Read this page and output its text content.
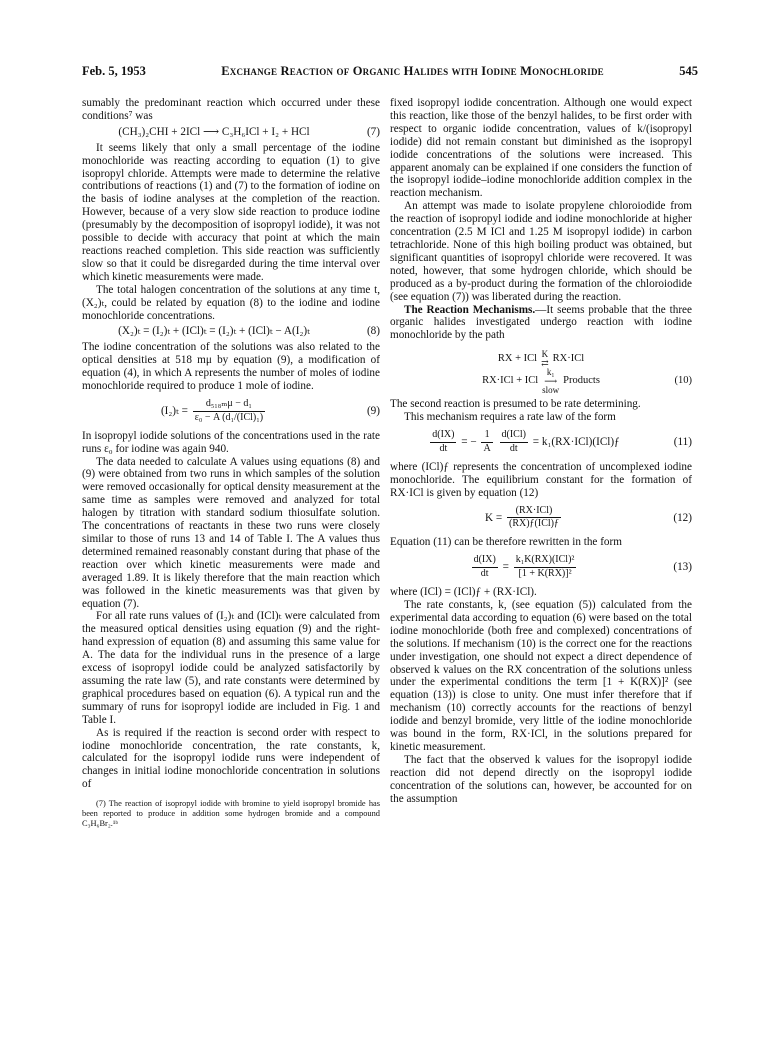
Feb. 5, 1953	Exchange Reaction of Organic Halides with Iodine Monochloride	545

sumably the predominant reaction which occurred under these conditions⁷ was

(CH₃)₂CHI + 2ICl ⟶ C₃H₆ICl + I₂ + HCl	(7)

It seems likely that only a small percentage of the iodine monochloride was reacting according to equation (1) to give isopropyl chloride. Attempts were made to determine the relative contributions of reactions (1) and (7) to the formation of iodine on the basis of iodine analyses at the completion of the reaction. However, because of a very slow side reaction to produce iodine (presumably by the decomposition of isopropyl iodide), it was not possible to decide with accuracy that point at which the main reactions reached completion. This side reaction was sufficiently slow so that it could be disregarded during the time interval over which kinetic measurements were made.

The total halogen concentration of the solutions at any time t, (X₂)ₜ, could be related by equation (8) to the iodine and iodine monochloride concentrations.

(X₂)ₜ = (I₂)ₜ + (ICl)ₜ = (I₂)ₜ + (ICl)ₜ − A(I₂)ₜ	(8)

The iodine concentration of the solutions was also related to the optical densities at 518 mμ by equation (9), a modification of equation (4), in which A represents the number of moles of iodine monochloride required to produce 1 mole of iodine.

$(I_2)_t = \frac{\text{d₅₁₈ₘμ − d₁}}{\text{ε₀ − A (d₁/(ICl)₁)}}$	(9)

In isopropyl iodide solutions of the concentrations used in the rate runs ε₀ for iodine was again 940.

The data needed to calculate A values using equations (8) and (9) were obtained from two runs in which samples of the solution were removed occasionally for optical density measurement at the same time as samples were removed and analyzed for total halogen by titration with standard sodium thiosulfate solution. The concentrations of reactants in these two runs were closely similar to those of runs 13 and 14 of Table I. The A values thus determined remained reasonably constant during that phase of the reaction over which kinetic measurements were made and averaged 1.89. It is likely therefore that the main reaction which was followed in the kinetic measurements was that given by equation (7).

For all rate runs values of (I₂)ₜ and (ICl)ₜ were calculated from the measured optical densities using equation (9) and the right-hand expression of equation (8) and assuming this same value for A. The data for the individual runs in the presence of a large excess of isopropyl iodide could be analyzed satisfactorily by assuming the rate law (5), and rate constants were determined by graphical procedures based on equation (6). A typical run and the summary of runs for isopropyl iodide are included in Fig. 1 and Table I.

As is required if the reaction is second order with respect to iodine monochloride concentration, the rate constants, k, calculated for the isopropyl iodide runs were independent of changes in initial iodine monochloride concentration in solutions of

(7) The reaction of isopropyl iodide with bromine to yield isopropyl bromide has been reported to produce in addition some hydrogen bromide and a compound C₃H₆Br₂.¹ᵇ

fixed isopropyl iodide concentration. Although one would expect this reaction, like those of the benzyl halides, to be first order with respect to organic iodide concentration, values of k/(isopropyl iodide) did not remain constant but diminished as the isopropyl iodide concentrations of the solutions were increased. This apparent anomaly can be explained if one considers the function of the isopropyl iodide–iodine monochloride addition complex in the reaction mechanism.

An attempt was made to isolate propylene chloroiodide from the reaction of isopropyl iodide and iodine monochloride at higher concentration (2.5 M ICl and 1.25 M isopropyl iodide) in carbon tetrachloride. None of this high boiling product was obtained, but significant quantities of isopropyl chloride were recovered. It was noted, however, that some hydrogen chloride, which should be produced as a by-product during the formation of the chloroiodide (see equation (7)) was liberated during the reaction.

The Reaction Mechanisms.—It seems probable that the three organic halides investigated undergo reaction with iodine monochloride by the path

RX + ICl K
⇄ RX·ICl
RX·ICl + ICl
k₁
⟶
slow
Products	(10)

The second reaction is presumed to be rate determining.

This mechanism requires a rate law of the form

$\frac{d(IX)}{dt}$ = − $\frac{1}{A}$
$\frac{\text{d(ICl)}}{dt}$ = k₁(RX·ICl)(ICl)ƒ	(11)

where (ICl)ƒ represents the concentration of uncomplexed iodine monochloride. The equilibrium constant for the formation of RX·ICl is given by equation (12)

$K = \frac{\text{(RX·ICl)}}{\text{(RX)ƒ(ICl)ƒ}}$	(12)

Equation (11) can be therefore rewritten in the form

$\frac{d(IX)}{dt} = \frac{\text{k₁K(RX)(ICl)²}}{\text{[1 + K(RX)]²}}$	(13)

where (ICl) = (ICl)ƒ + (RX·ICl).

The rate constants, k, (see equation (5)) calculated from the experimental data according to equation (6) were based on the total iodine monochloride (both free and complexed) concentrations of the solutions. If mechanism (10) is the correct one for the reactions under investigation, one should not expect a direct dependence of observed k values on the RX concentration of the solutions unless under the experimental conditions the term [1 + K(RX)]² (see equation (13)) is close to unity. One must infer therefore that if mechanism (10) correctly accounts for the reactions of benzyl iodide and benzyl bromide, very little of the iodine monochloride was bound in the form, RX·ICl, in the solutions prepared for kinetic measurement.

The fact that the observed k values for the isopropyl iodide reaction did not depend directly on the isopropyl iodide concentration of the solutions can, however, be accounted for on the assumption
